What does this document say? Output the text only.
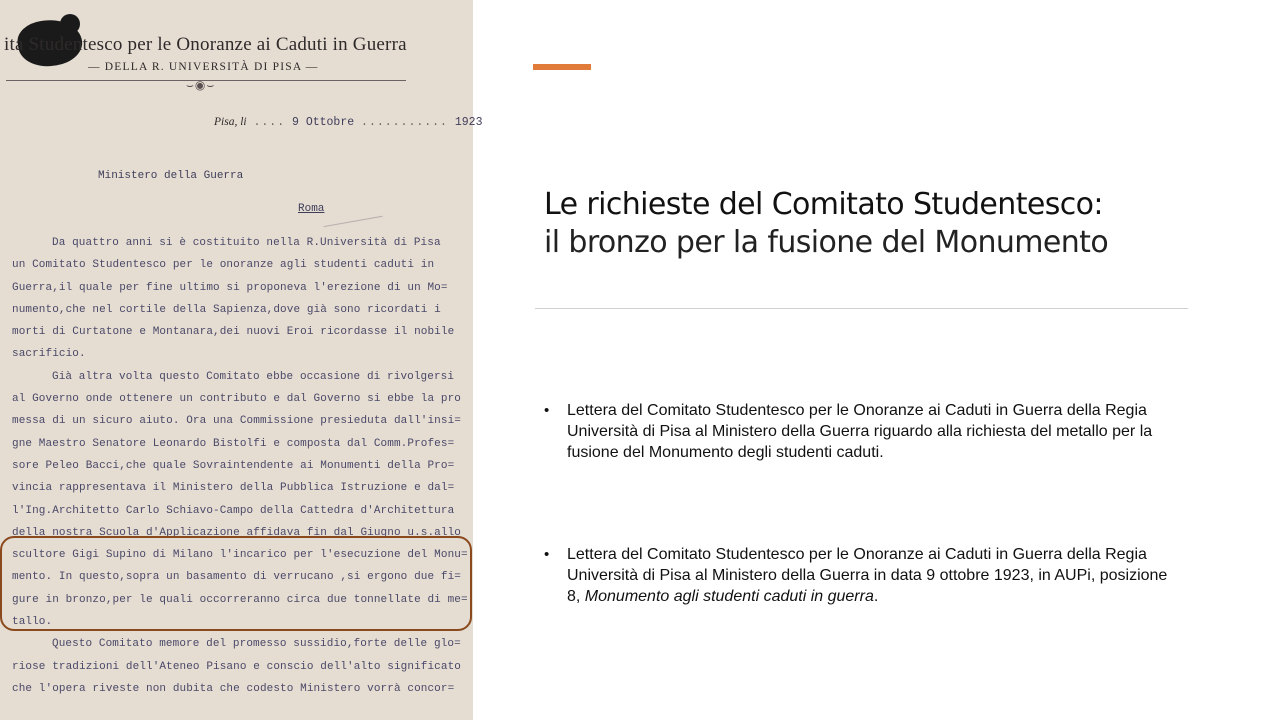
ita Studentesco per le Onoranze ai Caduti in Guerra
— DELLA R. UNIVERSITÀ DI PISA —
⌣◉⌣
Pisa, li .... 9 Ottobre ........... 1923
Ministero della Guerra
Roma
Da quattro anni si è costituito nella R.Università di Pisa
un Comitato Studentesco per le onoranze agli studenti caduti in
Guerra,il quale per fine ultimo si proponeva l'erezione di un Mo=
numento,che nel cortile della Sapienza,dove già sono ricordati i
morti di Curtatone e Montanara,dei nuovi Eroi ricordasse il nobile
sacrificio.
Già altra volta questo Comitato ebbe occasione di rivolgersi
al Governo onde ottenere un contributo e dal Governo si ebbe la pro
messa di un sicuro aiuto. Ora una Commissione presieduta dall'insi=
gne Maestro Senatore Leonardo Bistolfi e composta dal Comm.Profes=
sore Peleo Bacci,che quale Sovraintendente ai Monumenti della Pro=
vincia rappresentava il Ministero della Pubblica Istruzione e dal=
l'Ing.Architetto Carlo Schiavo-Campo della Cattedra d'Architettura
della nostra Scuola d'Applicazione affidava fin dal Giugno u.s.allo
scultore Gigi Supino di Milano l'incarico per l'esecuzione del Monu=
mento. In questo,sopra un basamento di verrucano ,si ergono due fi=
gure in bronzo,per le quali occorreranno circa due tonnellate di me=
tallo.
Questo Comitato memore del promesso sussidio,forte delle glo=
riose tradizioni dell'Ateneo Pisano e conscio dell'alto significato
che l'opera riveste non dubita che codesto Ministero vorrà concor=
Le richieste del Comitato Studentesco:
il bronzo per la fusione del Monumento
• Lettera del Comitato Studentesco per le Onoranze ai Caduti in Guerra della Regia Università di Pisa al Ministero della Guerra riguardo alla richiesta del metallo per la fusione del Monumento degli studenti caduti.
• Lettera del Comitato Studentesco per le Onoranze ai Caduti in Guerra della Regia Università di Pisa al Ministero della Guerra in data 9 ottobre 1923, in AUPi, posizione 8, Monumento agli studenti caduti in guerra.
